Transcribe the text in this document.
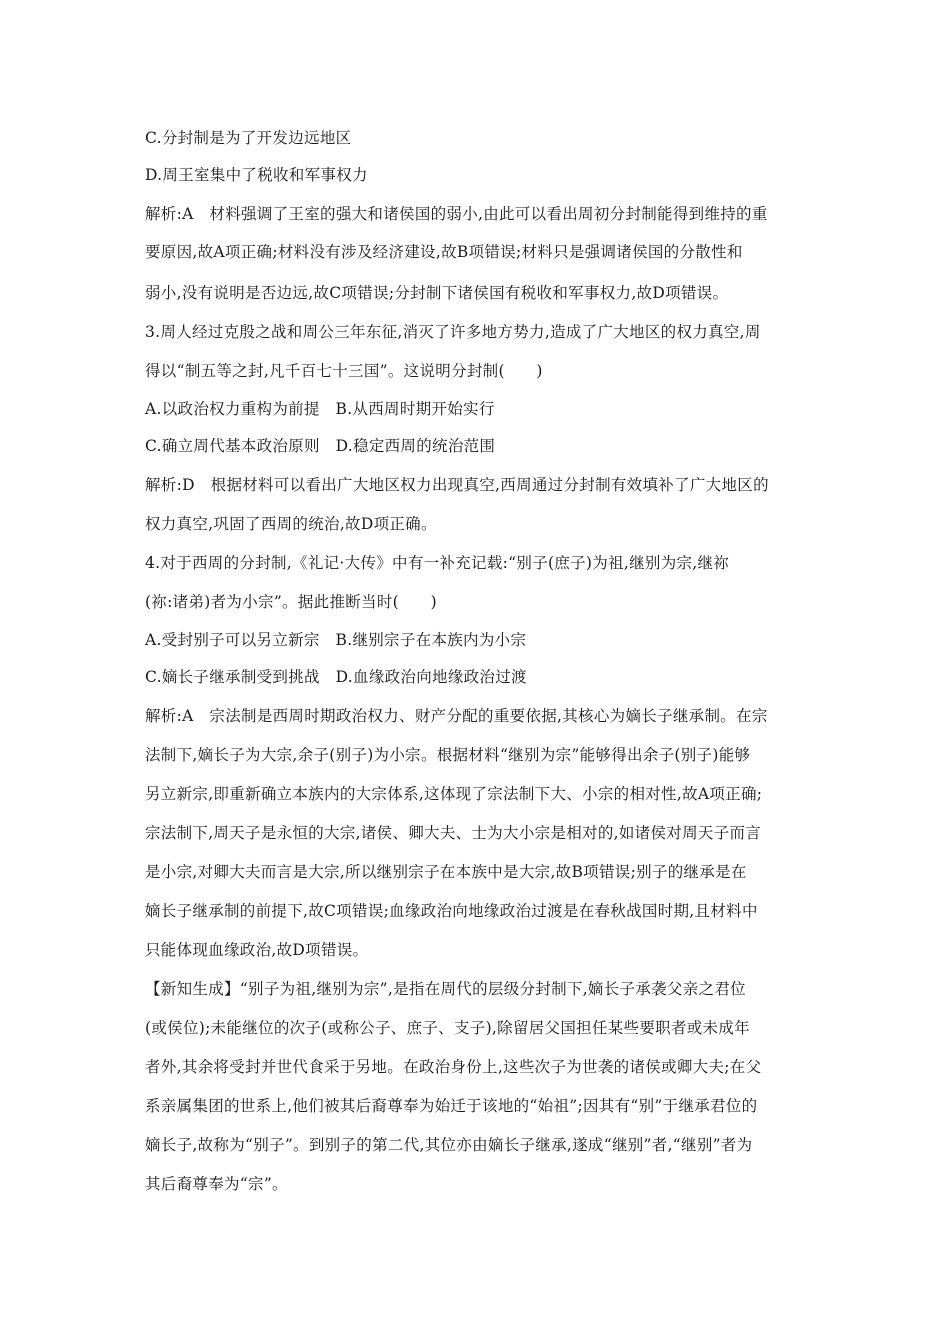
C.分封制是为了开发边远地区
D.周王室集中了税收和军事权力
解析:A　材料强调了王室的强大和诸侯国的弱小,由此可以看出周初分封制能得到维持的重
要原因,故A项正确;材料没有涉及经济建设,故B项错误;材料只是强调诸侯国的分散性和
弱小,没有说明是否边远,故C项错误;分封制下诸侯国有税收和军事权力,故D项错误。
3.周人经过克殷之战和周公三年东征,消灭了许多地方势力,造成了广大地区的权力真空,周
得以“制五等之封,凡千百七十三国”。这说明分封制(　　)
A.以政治权力重构为前提　B.从西周时期开始实行
C.确立周代基本政治原则　D.稳定西周的统治范围
解析:D　根据材料可以看出广大地区权力出现真空,西周通过分封制有效填补了广大地区的
权力真空,巩固了西周的统治,故D项正确。
4.对于西周的分封制,《礼记·大传》中有一补充记载:“别子(庶子)为祖,继别为宗,继祢
(祢:诸弟)者为小宗”。据此推断当时(　　)
A.受封别子可以另立新宗　B.继别宗子在本族内为小宗
C.嫡长子继承制受到挑战　D.血缘政治向地缘政治过渡
解析:A　宗法制是西周时期政治权力、财产分配的重要依据,其核心为嫡长子继承制。在宗
法制下,嫡长子为大宗,余子(别子)为小宗。根据材料“继别为宗”能够得出余子(别子)能够
另立新宗,即重新确立本族内的大宗体系,这体现了宗法制下大、小宗的相对性,故A项正确;
宗法制下,周天子是永恒的大宗,诸侯、卿大夫、士为大小宗是相对的,如诸侯对周天子而言
是小宗,对卿大夫而言是大宗,所以继别宗子在本族中是大宗,故B项错误;别子的继承是在
嫡长子继承制的前提下,故C项错误;血缘政治向地缘政治过渡是在春秋战国时期,且材料中
只能体现血缘政治,故D项错误。
【新知生成】“别子为祖,继别为宗”,是指在周代的层级分封制下,嫡长子承袭父亲之君位
(或侯位);未能继位的次子(或称公子、庶子、支子),除留居父国担任某些要职者或未成年
者外,其余将受封并世代食采于另地。在政治身份上,这些次子为世袭的诸侯或卿大夫;在父
系亲属集团的世系上,他们被其后裔尊奉为始迁于该地的“始祖”;因其有“别”于继承君位的
嫡长子,故称为“别子”。到别子的第二代,其位亦由嫡长子继承,遂成“继别”者,“继别”者为
其后裔尊奉为“宗”。
